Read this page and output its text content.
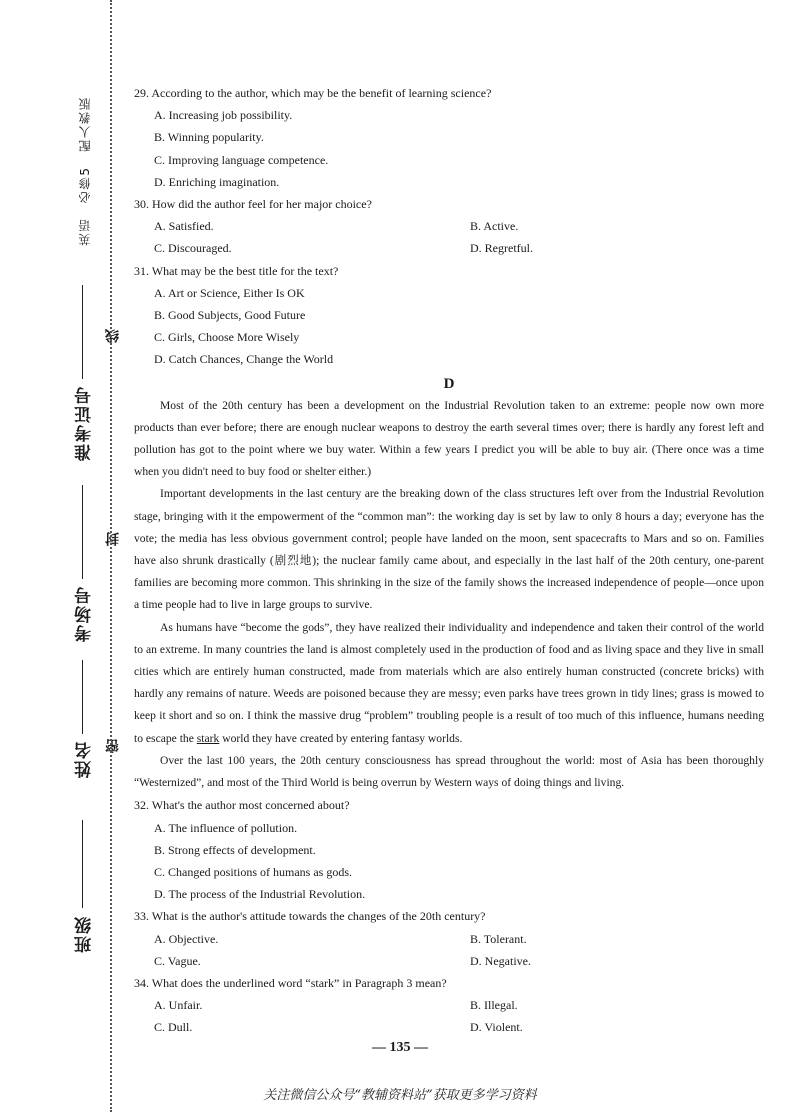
英语　必修5　配人教版
班级
姓名
考场号
准考证号
密
封
线

29. According to the author, which may be the benefit of learning science?

A. Increasing job possibility.

B. Winning popularity.

C. Improving language competence.

D. Enriching imagination.

30. How did the author feel for her major choice?

A. Satisfied.	B. Active.

C. Discouraged.	D. Regretful.

31. What may be the best title for the text?

A. Art or Science, Either Is OK

B. Good Subjects, Good Future

C. Girls, Choose More Wisely

D. Catch Chances, Change the World

D

Most of the 20th century has been a development on the Industrial Revolution taken to an extreme: people now own more products than ever before; there are enough nuclear weapons to destroy the earth several times over; there is hardly any forest left and pollution has got to the point where we buy water. Within a few years I predict you will be able to buy air. (There once was a time when you didn't need to buy food or shelter either.)

Important developments in the last century are the breaking down of the class structures left over from the Industrial Revolution stage, bringing with it the empowerment of the “common man”: the working day is set by law to only 8 hours a day; everyone has the vote; the media has less obvious government control; people have landed on the moon, sent spacecrafts to Mars and so on. Families have also shrunk drastically (剧烈地); the nuclear family came about, and especially in the last half of the 20th century, one-parent families are becoming more common. This shrinking in the size of the family shows the increased independence of people—once upon a time people had to live in large groups to survive.

As humans have “become the gods”, they have realized their individuality and independence and taken their control of the world to an extreme. In many countries the land is almost completely used in the production of food and as living space and they live in small cities which are entirely human constructed, made from materials which are also entirely human constructed (concrete bricks) with hardly any remains of nature. Weeds are poisoned because they are messy; even parks have trees grown in tidy lines; grass is mowed to keep it short and so on. I think the massive drug “problem” troubling people is a result of too much of this influence, humans needing to escape the stark world they have created by entering fantasy worlds.

Over the last 100 years, the 20th century consciousness has spread throughout the world: most of Asia has been thoroughly “Westernized”, and most of the Third World is being overrun by Western ways of doing things and living.

32. What's the author most concerned about?

A. The influence of pollution.

B. Strong effects of development.

C. Changed positions of humans as gods.

D. The process of the Industrial Revolution.

33. What is the author's attitude towards the changes of the 20th century?

A. Objective.	B. Tolerant.

C. Vague.	D. Negative.

34. What does the underlined word “stark” in Paragraph 3 mean?

A. Unfair.	B. Illegal.

C. Dull.	D. Violent.

— 135 —
关注微信公众号“教辅资料站”获取更多学习资料
